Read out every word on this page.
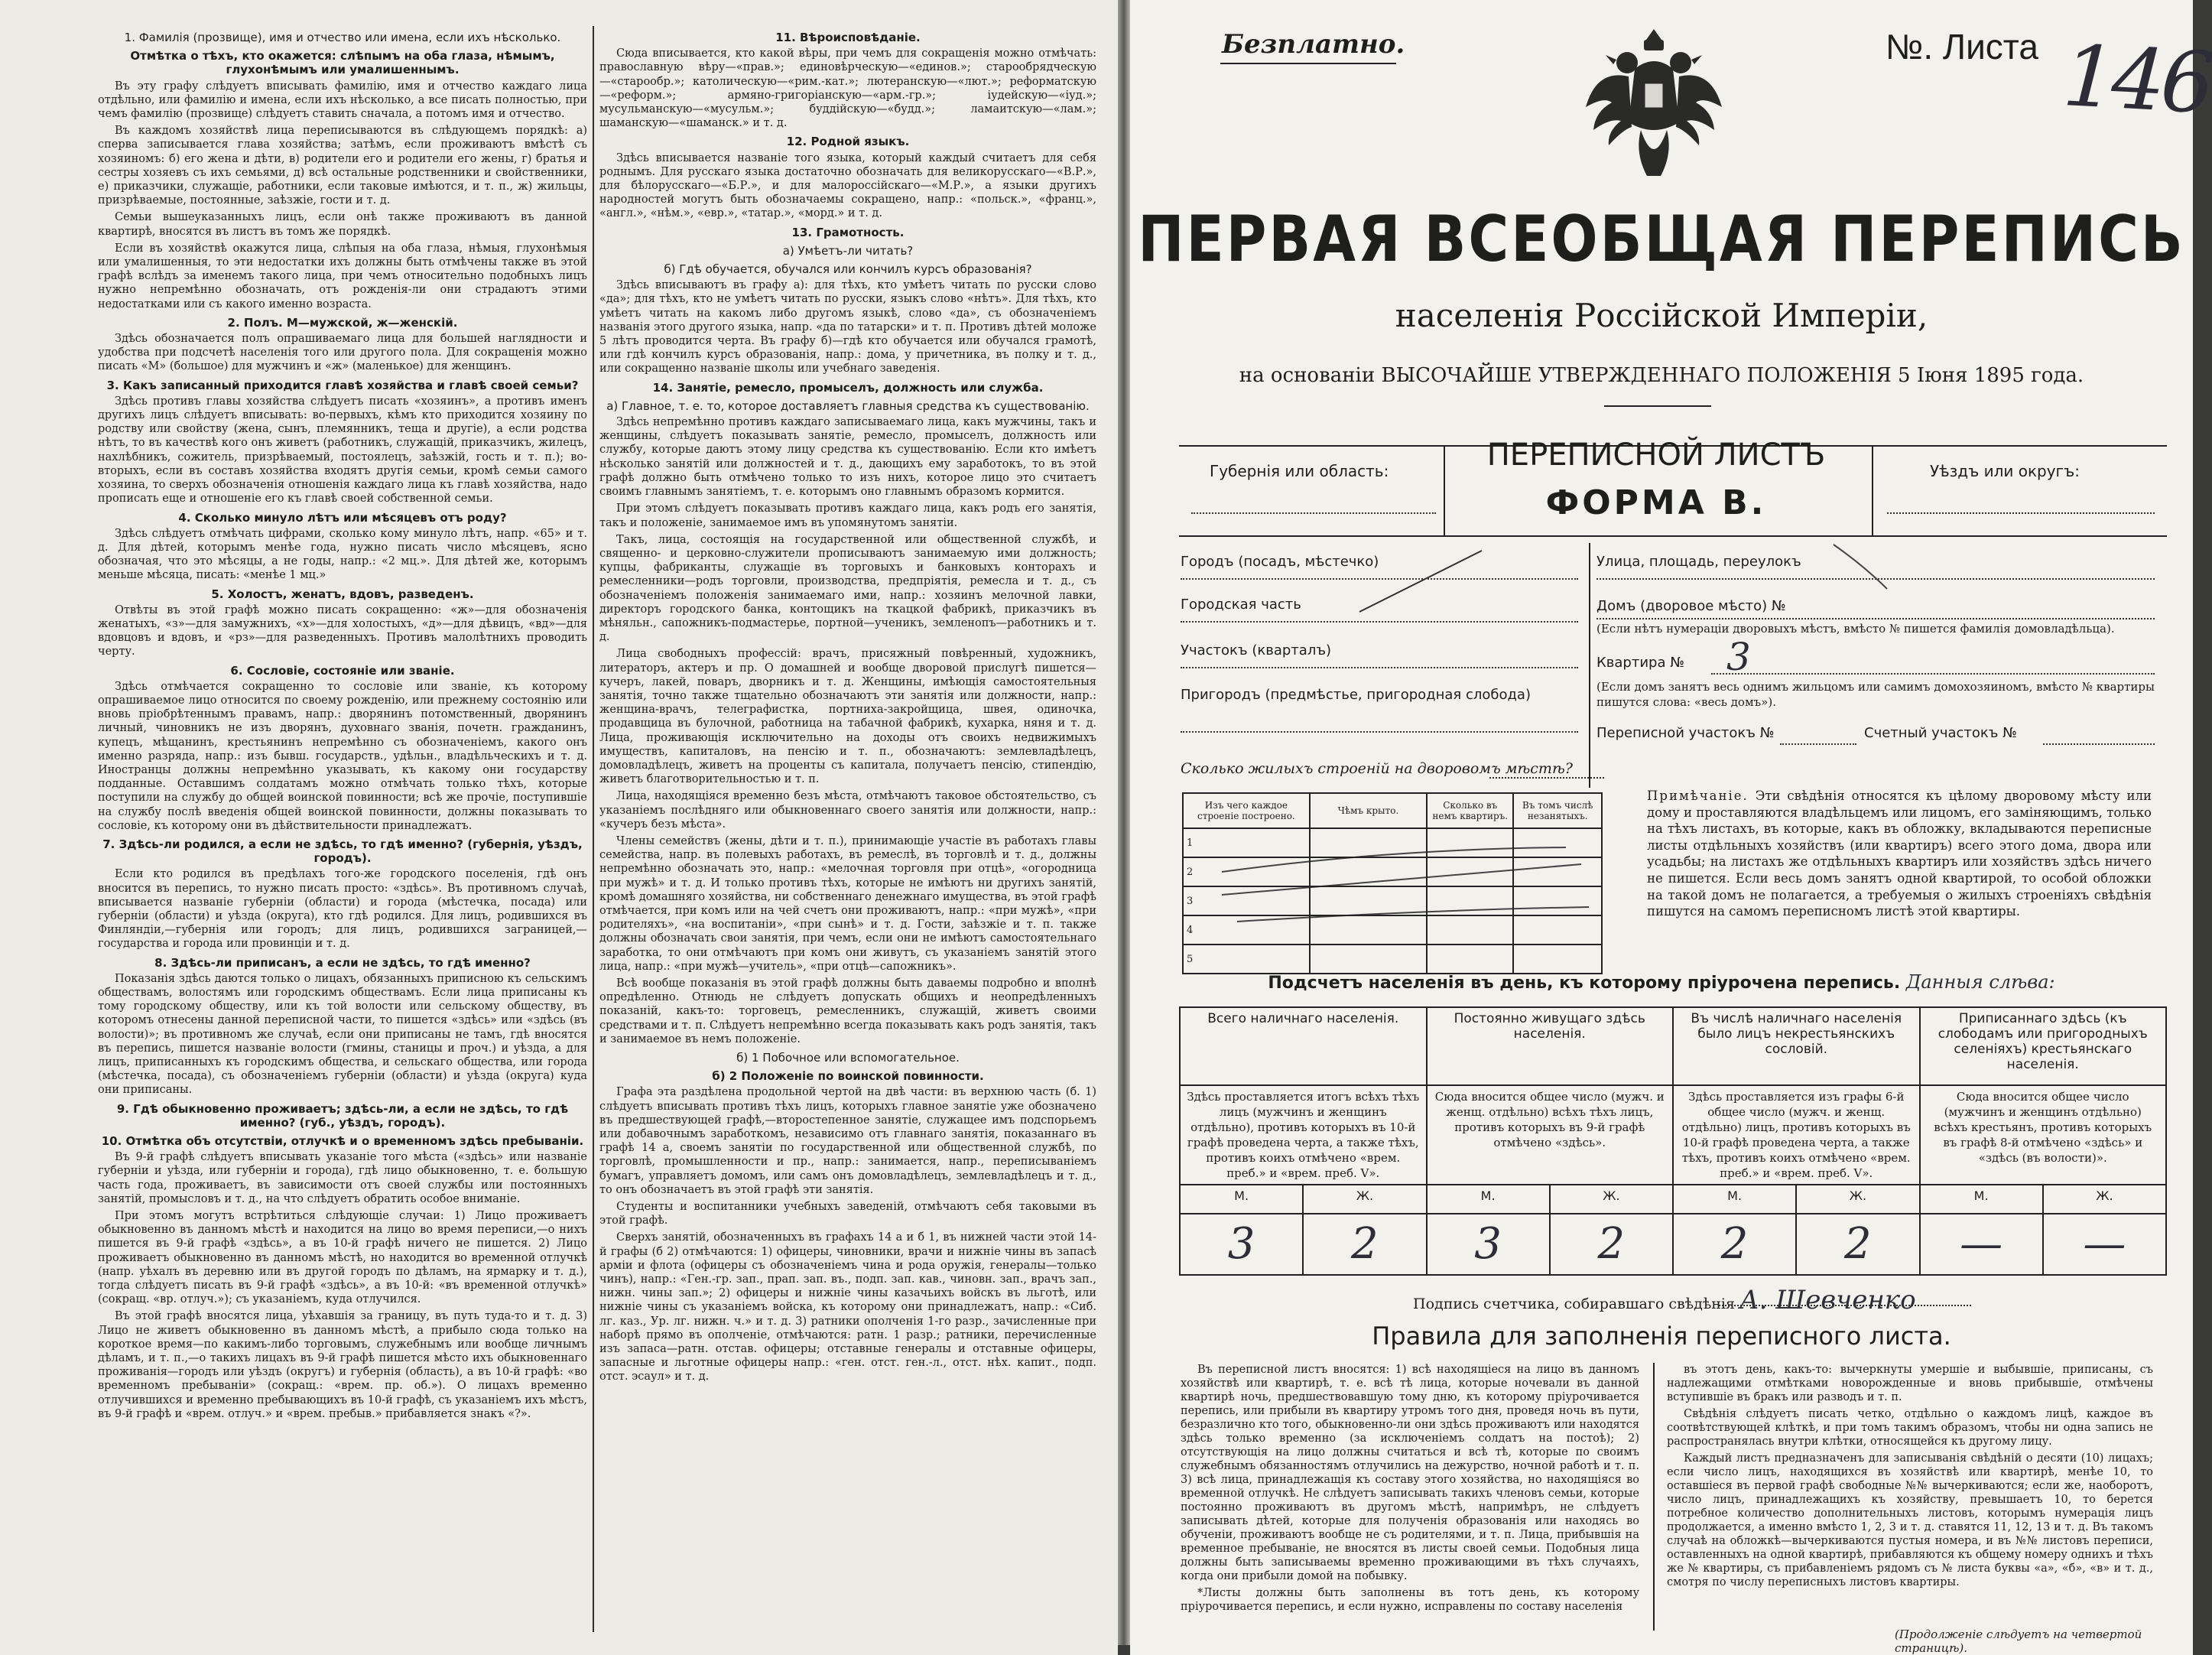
1. Фамилія (прозвище), имя и отчество или имена, если ихъ нѣсколько.
Отмѣтка о тѣхъ, кто окажется: слѣпымъ на оба глаза, нѣмымъ, глухонѣмымъ или умалишеннымъ.

Въ эту графу слѣдуетъ вписывать фамилію, имя и отчество каждаго лица отдѣльно, или фамилію и имена, если ихъ нѣсколько, а все писать полностью, при чемъ фамилію (прозвище) слѣдуетъ ставить сначала, а потомъ имя и отчество.

Въ каждомъ хозяйствѣ лица переписываются въ слѣдующемъ порядкѣ: а) сперва записывается глава хозяйства; затѣмъ, если проживаютъ вмѣстѣ съ хозяиномъ: б) его жена и дѣти, в) родители его и родители его жены, г) братья и сестры хозяевъ съ ихъ семьями, д) всѣ остальные родственники и свойственники, е) приказчики, служащіе, работники, если таковые имѣются, и т. п., ж) жильцы, призрѣваемые, постоянные, заѣзжіе, гости и т. д.

Семьи вышеуказанныхъ лицъ, если онѣ также проживаютъ въ данной квартирѣ, вносятся въ листъ въ томъ же порядкѣ.

Если въ хозяйствѣ окажутся лица, слѣпыя на оба глаза, нѣмыя, глухонѣмыя или умалишенныя, то эти недостатки ихъ должны быть отмѣчены также въ этой графѣ вслѣдъ за именемъ такого лица, при чемъ относительно подобныхъ лицъ нужно непремѣнно обозначать, отъ рожденія-ли они страдаютъ этими недостатками или съ какого именно возраста.

2. Полъ. М—мужской, ж—женскій.

Здѣсь обозначается полъ опрашиваемаго лица для большей наглядности и удобства при подсчетѣ населенія того или другого пола. Для сокращенія можно писать «М» (большое) для мужчинъ и «ж» (маленькое) для женщинъ.

3. Какъ записанный приходится главѣ хозяйства и главѣ своей семьи?

Здѣсь противъ главы хозяйства слѣдуетъ писать «хозяинъ», а противъ именъ другихъ лицъ слѣдуетъ вписывать: во-первыхъ, кѣмъ кто приходится хозяину по родству или свойству (жена, сынъ, племянникъ, теща и другіе), а если родства нѣтъ, то въ качествѣ кого онъ живетъ (работникъ, служащій, приказчикъ, жилецъ, нахлѣбникъ, сожитель, призрѣваемый, постоялецъ, заѣзжій, гость и т. п.); во-вторыхъ, если въ составъ хозяйства входятъ другія семьи, кромѣ семьи самого хозяина, то сверхъ обозначенія отношенія каждаго лица къ главѣ хозяйства, надо прописать еще и отношеніе его къ главѣ своей собственной семьи.

4. Сколько минуло лѣтъ или мѣсяцевъ отъ роду?

Здѣсь слѣдуетъ отмѣчать цифрами, сколько кому минуло лѣтъ, напр. «65» и т. д. Для дѣтей, которымъ менѣе года, нужно писать число мѣсяцевъ, ясно обозначая, что это мѣсяцы, а не годы, напр.: «2 мц.». Для дѣтей же, которымъ меньше мѣсяца, писать: «менѣе 1 мц.»

5. Холостъ, женатъ, вдовъ, разведенъ.

Отвѣты въ этой графѣ можно писать сокращенно: «ж»—для обозначенія женатыхъ, «з»—для замужнихъ, «х»—для холостыхъ, «д»—для дѣвицъ, «вд»—для вдовцовъ и вдовъ, и «рз»—для разведенныхъ. Противъ малолѣтнихъ проводить черту.

6. Сословіе, состояніе или званіе.

Здѣсь отмѣчается сокращенно то сословіе или званіе, къ которому опрашиваемое лицо относится по своему рожденію, или прежнему состоянію или вновь пріобрѣтеннымъ правамъ, напр.: дворянинъ потомственный, дворянинъ личный, чиновникъ не изъ дворянъ, духовнаго званія, почетн. гражданинъ, купецъ, мѣщанинъ, крестьянинъ непремѣнно съ обозначеніемъ, какого онъ именно разряда, напр.: изъ бывш. государств., удѣльн., владѣльческихъ и т. д. Иностранцы должны непремѣнно указывать, къ какому они государству подданные. Оставшимъ солдатамъ можно отмѣчать только тѣхъ, которые поступили на службу до общей воинской повинности; всѣ же прочіе, поступившіе на службу послѣ введенія общей воинской повинности, должны показывать то сословіе, къ которому они въ дѣйствительности принадлежатъ.

7. Здѣсь-ли родился, а если не здѣсь, то гдѣ именно? (губернія, уѣздъ, городъ).

Если кто родился въ предѣлахъ того-же городского поселенія, гдѣ онъ вносится въ перепись, то нужно писать просто: «здѣсь». Въ противномъ случаѣ, вписывается названіе губерніи (области) и города (мѣстечка, посада) или губерніи (области) и уѣзда (округа), кто гдѣ родился. Для лицъ, родившихся въ Финляндіи,—губернія или городъ; для лицъ, родившихся заграницей,—государства и города или провинціи и т. д.

8. Здѣсь-ли приписанъ, а если не здѣсь, то гдѣ именно?

Показанія здѣсь даются только о лицахъ, обязанныхъ приписною къ сельскимъ обществамъ, волостямъ или городскимъ обществамъ. Если лица приписаны къ тому городскому обществу, или къ той волости или сельскому обществу, въ которомъ отнесены данной переписной части, то пишется «здѣсь» или «здѣсь (въ волости)»; въ противномъ же случаѣ, если они приписаны не тамъ, гдѣ вносятся въ перепись, пишется названіе волости (гмины, станицы и проч.) и уѣзда, а для лицъ, приписанныхъ къ городскимъ общества, и сельскаго общества, или города (мѣстечка, посада), съ обозначеніемъ губерніи (области) и уѣзда (округа) куда они приписаны.

9. Гдѣ обыкновенно проживаетъ; здѣсь-ли, а если не здѣсь, то гдѣ именно? (губ., уѣздъ, городъ).
10. Отмѣтка объ отсутствіи, отлучкѣ и о временномъ здѣсь пребываніи.

Въ 9-й графѣ слѣдуетъ вписывать указаніе того мѣста («здѣсь» или названіе губерніи и уѣзда, или губерніи и города), гдѣ лицо обыкновенно, т. е. большую часть года, проживаетъ, въ зависимости отъ своей службы или постоянныхъ занятій, промысловъ и т. д., на что слѣдуетъ обратить особое вниманіе.

При этомъ могутъ встрѣтиться слѣдующіе случаи: 1) Лицо проживаетъ обыкновенно въ данномъ мѣстѣ и находится на лицо во время переписи,—о нихъ пишется въ 9-й графѣ «здѣсь», а въ 10-й графѣ ничего не пишется. 2) Лицо проживаетъ обыкновенно въ данномъ мѣстѣ, но находится во временной отлучкѣ (напр. уѣхалъ въ деревню или въ другой городъ по дѣламъ, на ярмарку и т. д.), тогда слѣдуетъ писать въ 9-й графѣ «здѣсь», а въ 10-й: «въ временной отлучкѣ» (сокращ. «вр. отлуч.»); съ указаніемъ, куда отлучился.

Въ этой графѣ вносятся лица, уѣхавшія за границу, въ путь туда-то и т. д. 3) Лицо не живетъ обыкновенно въ данномъ мѣстѣ, а прибыло сюда только на короткое время—по какимъ-либо торговымъ, служебнымъ или вообще личнымъ дѣламъ, и т. п.,—о такихъ лицахъ въ 9-й графѣ пишется мѣсто ихъ обыкновеннаго проживанія—городъ или уѣздъ (округъ) и губернія (область), а въ 10-й графѣ: «во временномъ пребываніи» (сокращ.: «врем. пр. об.»). О лицахъ временно отлучившихся и временно пребывающихъ въ 10-й графѣ, съ указаніемъ ихъ мѣстъ, въ 9-й графѣ и «врем. отлуч.» и «врем. пребыв.» прибавляется знакъ «?».

11. Вѣроисповѣданіе.

Сюда вписывается, кто какой вѣры, при чемъ для сокращенія можно отмѣчать: православную вѣру—«прав.»; единовѣрческую—«единов.»; старообрядческую—«старообр.»; католическую—«рим.-кат.»; лютеранскую—«лют.»; реформатскую—«реформ.»; армяно-григоріанскую—«арм.-гр.»; іудейскую—«іуд.»; мусульманскую—«мусульм.»; буддійскую—«будд.»; ламаитскую—«лам.»; шаманскую—«шаманск.» и т. д.

12. Родной языкъ.

Здѣсь вписывается названіе того языка, который каждый считаетъ для себя роднымъ. Для русскаго языка достаточно обозначать для великорусскаго—«В.Р.», для бѣлорусскаго—«Б.Р.», и для малороссійскаго—«М.Р.», а языки другихъ народностей могутъ быть обозначаемы сокращено, напр.: «польск.», «франц.», «англ.», «нѣм.», «евр.», «татар.», «морд.» и т. д.

13. Грамотность.
а) Умѣетъ-ли читать?
б) Гдѣ обучается, обучался или кончилъ курсъ образованія?

Здѣсь вписываютъ въ графу а): для тѣхъ, кто умѣетъ читать по русски слово «да»; для тѣхъ, кто не умѣетъ читать по русски, языкъ слово «нѣтъ». Для тѣхъ, кто умѣетъ читать на какомъ либо другомъ языкѣ, слово «да», съ обозначеніемъ названія этого другого языка, напр. «да по татарски» и т. п. Противъ дѣтей моложе 5 лѣтъ проводится черта. Въ графу б)—гдѣ кто обучается или обучался грамотѣ, или гдѣ кончилъ курсъ образованія, напр.: дома, у причетника, въ полку и т. д., или сокращенно названіе школы или учебнаго заведенія.

14. Занятіе, ремесло, промыселъ, должность или служба.
а) Главное, т. е. то, которое доставляетъ главныя средства къ существованію.

Здѣсь непремѣнно противъ каждаго записываемаго лица, какъ мужчины, такъ и женщины, слѣдуетъ показывать занятіе, ремесло, промыселъ, должность или службу, которые даютъ этому лицу средства къ существованію. Если кто имѣетъ нѣсколько занятій или должностей и т. д., дающихъ ему заработокъ, то въ этой графѣ должно быть отмѣчено только то изъ нихъ, которое лицо это считаетъ своимъ главнымъ занятіемъ, т. е. которымъ оно главнымъ образомъ кормится.

При этомъ слѣдуетъ показывать противъ каждаго лица, какъ родъ его занятія, такъ и положеніе, занимаемое имъ въ упомянутомъ занятіи.

Такъ, лица, состоящія на государственной или общественной службѣ, и священно- и церковно-служители прописываютъ занимаемую ими должность; купцы, фабриканты, служащіе въ торговыхъ и банковыхъ конторахъ и ремесленники—родъ торговли, производства, предпріятія, ремесла и т. д., съ обозначеніемъ положенія занимаемаго ими, напр.: хозяинъ мелочной лавки, директоръ городского банка, контощикъ на ткацкой фабрикѣ, приказчикъ въ мѣняльн., сапожникъ-подмастерье, портной—ученикъ, земленопъ—работникъ и т. д.

Лица свободныхъ профессій: врачъ, присяжный повѣренный, художникъ, литераторъ, актеръ и пр. О домашней и вообще дворовой прислугѣ пишется—кучеръ, лакей, поваръ, дворникъ и т. д. Женщины, имѣющія самостоятельныя занятія, точно также тщательно обозначаютъ эти занятія или должности, напр.: женщина-врачъ, телеграфистка, портниха-закройщица, швея, одиночка, продавщица въ булочной, работница на табачной фабрикѣ, кухарка, няня и т. д. Лица, проживающія исключительно на доходы отъ своихъ недвижимыхъ имуществъ, капиталовъ, на пенсію и т. п., обозначаютъ: землевладѣлецъ, домовладѣлецъ, живетъ на проценты съ капитала, получаетъ пенсію, стипендію, живетъ благотворительностью и т. п.

Лица, находящіяся временно безъ мѣста, отмѣчаютъ таковое обстоятельство, съ указаніемъ послѣдняго или обыкновеннаго своего занятія или должности, напр.: «кучеръ безъ мѣста».

Члены семействъ (жены, дѣти и т. п.), принимающіе участіе въ работахъ главы семейства, напр. въ полевыхъ работахъ, въ ремеслѣ, въ торговлѣ и т. д., должны непремѣнно обозначать это, напр.: «мелочная торговля при отцѣ», «огородница при мужѣ» и т. д. И только противъ тѣхъ, которые не имѣютъ ни другихъ занятій, кромѣ домашняго хозяйства, ни собственнаго денежнаго имущества, въ этой графѣ отмѣчается, при комъ или на чей счетъ они проживаютъ, напр.: «при мужѣ», «при родителяхъ», «на воспитаніи», «при сынѣ» и т. д. Гости, заѣзжіе и т. п. также должны обозначать свои занятія, при чемъ, если они не имѣютъ самостоятельнаго заработка, то они отмѣчаютъ при комъ они живутъ, съ указаніемъ занятій этого лица, напр.: «при мужѣ—учитель», «при отцѣ—сапожникъ».

Всѣ вообще показанія въ этой графѣ должны быть даваемы подробно и вполнѣ опредѣленно. Отнюдь не слѣдуетъ допускать общихъ и неопредѣленныхъ показаній, какъ-то: торговецъ, ремесленникъ, служащій, живетъ своими средствами и т. п. Слѣдуетъ непремѣнно всегда показывать какъ родъ занятія, такъ и занимаемое въ немъ положеніе.

б) 1 Побочное или вспомогательное.
б) 2 Положеніе по воинской повинности.

Графа эта раздѣлена продольной чертой на двѣ части: въ верхнюю часть (б. 1) слѣдуетъ вписывать противъ тѣхъ лицъ, которыхъ главное занятіе уже обозначено въ предшествующей графѣ,—второстепенное занятіе, служащее имъ подспорьемъ или добавочнымъ заработкомъ, независимо отъ главнаго занятія, показаннаго въ графѣ 14 а, своемъ занятіи по государственной или общественной службѣ, по торговлѣ, промышленности и пр., напр.: занимается, напр., переписываніемъ бумагъ, управляетъ домомъ, или самъ онъ домовладѣлецъ, землевладѣлецъ и т. д., то онъ обозначаетъ въ этой графѣ эти занятія.

Студенты и воспитанники учебныхъ заведеній, отмѣчаютъ себя таковыми въ этой графѣ.

Сверхъ занятій, обозначенныхъ въ графахъ 14 а и б 1, въ нижней части этой 14-й графы (б 2) отмѣчаются: 1) офицеры, чиновники, врачи и нижніе чины въ запасѣ арміи и флота (офицеры съ обозначеніемъ чина и рода оружія, генералы—только чинъ), напр.: «Ген.-гр. зап., прап. зап. въ., подп. зап. кав., чиновн. зап., врачъ зап., нижн. чины зап.»; 2) офицеры и нижніе чины казачьихъ войскъ въ льготѣ, или нижніе чины съ указаніемъ войска, къ которому они принадлежатъ, напр.: «Сиб. лг. каз., Ур. лг. нижн. ч.» и т. д. 3) ратники ополченія 1-го разр., зачисленные при наборѣ прямо въ ополченіе, отмѣчаются: ратн. 1 разр.; ратники, перечисленные изъ запаса—ратн. отстав. офицеры; отставные генералы и отставные офицеры, запасные и льготные офицеры напр.: «ген. отст. ген.-л., отст. нѣх. капит., подп. отст. эсаул» и т. д.

Безплатно.	№. Листа 146
ПЕРВАЯ ВСЕОБЩАЯ ПЕРЕПИСЬ
населенія Россійской Имперіи,
на основаніи ВЫСОЧАЙШЕ УТВЕРЖДЕННАГО ПОЛОЖЕНІЯ 5 Іюня 1895 года.
Губернія или область:	ПЕРЕПИСНОЙ ЛИСТЪ
ФОРМА В.
Уѣздъ или округъ:
Городъ (посадъ, мѣстечко)
Городская часть
Участокъ (кварталъ)
Пригородъ (предмѣстье, пригородная слобода)
Улица, площадь, переулокъ
Домъ (дворовое мѣсто) №
(Если нѣтъ нумераціи дворовыхъ мѣстъ, вмѣсто № пишется фамилія домовладѣльца).
Квартира № 3
(Если домъ занятъ весь однимъ жильцомъ или самимъ домохозяиномъ, вмѣсто № квартиры пишутся слова: «весь домъ»).
Переписной участокъ №	Счетный участокъ №
Сколько жилыхъ строеній на дворовомъ мѣстѣ?
Изъ чего каждое строеніе построено.	Чѣмъ крыто.	Сколько въ немъ квартиръ.	Въ томъ числѣ незанятыхъ.
1			
2			
3			
4			
5			
Примѣчаніе. Эти свѣдѣнія относятся къ цѣлому дворовому мѣсту или дому и проставляются владѣльцемъ или лицомъ, его заміняющимъ, только на тѣхъ листахъ, въ которые, какъ въ обложку, вкладываются переписные листы отдѣльныхъ хозяйствъ (или квартиръ) всего этого дома, двора или усадьбы; на листахъ же отдѣльныхъ квартиръ или хозяйствъ здѣсь ничего не пишется. Если весь домъ занятъ одной квартирой, то особой обложки на такой домъ не полагается, а требуемыя о жилыхъ строеніяхъ свѣдѣнія пишутся на самомъ переписномъ листѣ этой квартиры.
Подсчетъ населенія въ день, къ которому пріурочена перепись. Данныя слѣва:
Всего наличнаго населенія.		Постоянно живущаго здѣсь населенія.		Въ числѣ наличнаго населенія было лицъ некрестьянскихъ сословій.		Приписаннаго здѣсь (къ слободамъ или пригородныхъ селеніяхъ) крестьянскаго населенія.	
Здѣсь проставляется итогъ всѣхъ тѣхъ лицъ (мужчинъ и женщинъ отдѣльно), противъ которыхъ въ 10-й графѣ проведена черта, а также тѣхъ, противъ коихъ отмѣчено «врем. преб.» и «врем. преб. V».		Сюда вносится общее число (мужч. и женщ. отдѣльно) всѣхъ тѣхъ лицъ, противъ которыхъ въ 9-й графѣ отмѣчено «здѣсь».		Здѣсь проставляется изъ графы 6-й общее число (мужч. и женщ. отдѣльно) лицъ, противъ которыхъ въ 10-й графѣ проведена черта, а также тѣхъ, противъ коихъ отмѣчено «врем. преб.» и «врем. преб. V».		Сюда вносится общее число (мужчинъ и женщинъ отдѣльно) всѣхъ крестьянъ, противъ которыхъ въ графѣ 8-й отмѣчено «здѣсь» и «здѣсь (въ волости)».	
М.	Ж.	М.	Ж.	М.	Ж.	М.	Ж.
3	2	3	2	2	2	—	—
Подпись счетчика, собиравшаго свѣдѣнія А. Шевченко
Правила для заполненія переписного листа.

Въ переписной листъ вносятся: 1) всѣ находящіеся на лицо въ данномъ хозяйствѣ или квартирѣ, т. е. всѣ тѣ лица, которые ночевали въ данной квартирѣ ночь, предшествовавшую тому дню, къ которому пріурочивается перепись, или прибыли въ квартиру утромъ того дня, проведя ночь въ пути, безразлично кто того, обыкновенно-ли они здѣсь проживаютъ или находятся здѣсь только временно (за исключеніемъ солдатъ на постоѣ); 2) отсутствующія на лицо должны считаться и всѣ тѣ, которые по своимъ служебнымъ обязанностямъ отлучились на дежурство, ночной работѣ и т. п. 3) всѣ лица, принадлежащія къ составу этого хозяйства, но находящіяся во временной отлучкѣ. Не слѣдуетъ записывать такихъ членовъ семьи, которые постоянно проживаютъ въ другомъ мѣстѣ, напримѣръ, не слѣдуетъ записывать дѣтей, которые для полученія образованія или находясь во обученіи, проживаютъ вообще не съ родителями, и т. п. Лица, прибывшія на временное пребываніе, не вносятся въ листы своей семьи. Подобныя лица должны быть записываемы временно проживающими въ тѣхъ случаяхъ, когда они прибыли домой на побывку.

*Листы должны быть заполнены въ тотъ день, къ которому пріурочивается перепись, и если нужно, исправлены по составу населенія

въ этотъ день, какъ-то: вычеркнуты умершіе и выбывшіе, приписаны, съ надлежащими отмѣтками новорожденные и вновь прибывшіе, отмѣчены вступившіе въ бракъ или разводъ и т. п.

Свѣдѣнія слѣдуетъ писать четко, отдѣльно о каждомъ лицѣ, каждое въ соотвѣтствующей клѣткѣ, и при томъ такимъ образомъ, чтобы ни одна запись не распространялась внутри клѣтки, относящейся къ другому лицу.

Каждый листъ предназначенъ для записыванія свѣдѣній о десяти (10) лицахъ; если число лицъ, находящихся въ хозяйствѣ или квартирѣ, менѣе 10, то оставшіеся въ первой графѣ свободные №№ вычеркиваются; если же, наоборотъ, число лицъ, принадлежащихъ къ хозяйству, превышаетъ 10, то берется потребное количество дополнительныхъ листовъ, которымъ нумерація лицъ продолжается, а именно вмѣсто 1, 2, 3 и т. д. ставятся 11, 12, 13 и т. д. Въ такомъ случаѣ на обложкѣ—вычеркиваются пустыя номера, и въ №№ листовъ переписи, оставленныхъ на одной квартирѣ, прибавляются къ общему номеру однихъ и тѣхъ же № квартиры, съ прибавленіемъ рядомъ съ № листа буквы «а», «б», «в» и т. д., смотря по числу переписныхъ листовъ квартиры.

(Продолженіе слѣдуетъ на четвертой страницѣ).
